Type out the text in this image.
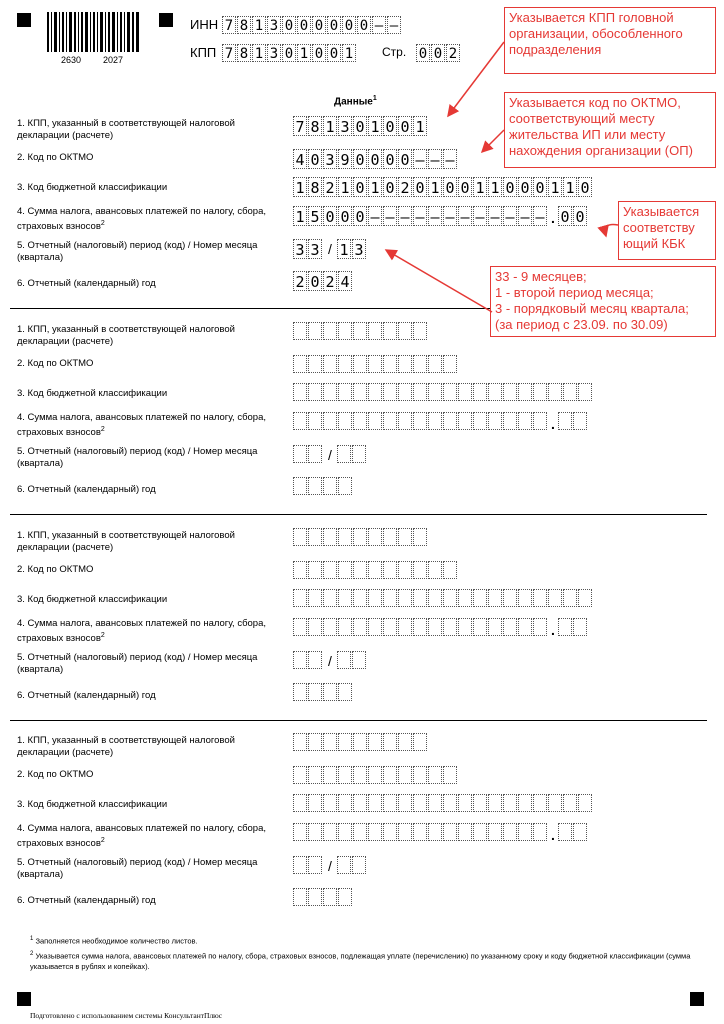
2630 2027
ИНН 7 8 1 3 0 0 0 0 0 0 – –
КПП 7 8 1 3 0 1 0 0 1 Стр. 0 0 2
Данные$^1$
1. КПП, указанный в соответствующей налоговой декларации (расчете)
2. Код по ОКТМО
3. Код бюджетной классификации
4. Сумма налога, авансовых платежей по налогу, сбора, страховых взносов$^2$
5. Отчетный (налоговый) период (код) / Номер месяца (квартала)
6. Отчетный (календарный) год
7 8 1 3 0 1 0 0 1
4 0 3 9 0 0 0 0 – – –
1 8 2 1 0 1 0 2 0 1 0 0 1 1 0 0 0 1 1 0
1 5 0 0 0 – – – – – – – – – – – – . 0 0
3 3 / 1 3
2 0 2 4
1. КПП, указанный в соответствующей налоговой декларации (расчете)
2. Код по ОКТМО
3. Код бюджетной классификации
4. Сумма налога, авансовых платежей по налогу, сбора, страховых взносов$^2$
5. Отчетный (налоговый) период (код) / Номер месяца (квартала)
6. Отчетный (календарный) год
.
/
1. КПП, указанный в соответствующей налоговой декларации (расчете)
2. Код по ОКТМО
3. Код бюджетной классификации
4. Сумма налога, авансовых платежей по налогу, сбора, страховых взносов$^2$
5. Отчетный (налоговый) период (код) / Номер месяца (квартала)
6. Отчетный (календарный) год
.
/
1. КПП, указанный в соответствующей налоговой декларации (расчете)
2. Код по ОКТМО
3. Код бюджетной классификации
4. Сумма налога, авансовых платежей по налогу, сбора, страховых взносов$^2$
5. Отчетный (налоговый) период (код) / Номер месяца (квартала)
6. Отчетный (календарный) год
.
/
Указывается КПП головной организации, обособленного подразделения
Указывается код по ОКТМО, соответствующий месту жительства ИП или месту нахождения организации (ОП)
Указывается соответству ющий КБК
33 - 9 месяцев;
1 - второй период месяца;
3 - порядковый месяц квартала;
(за период с 23.09. по 30.09)
$^1$ Заполняется необходимое количество листов.
$^2$ Указывается сумма налога, авансовых платежей по налогу, сбора, страховых взносов, подлежащая уплате (перечислению) по указанному сроку и коду бюджетной классификации (сумма указывается в рублях и копейках).
Подготовлено с использованием системы КонсультантПлюс
